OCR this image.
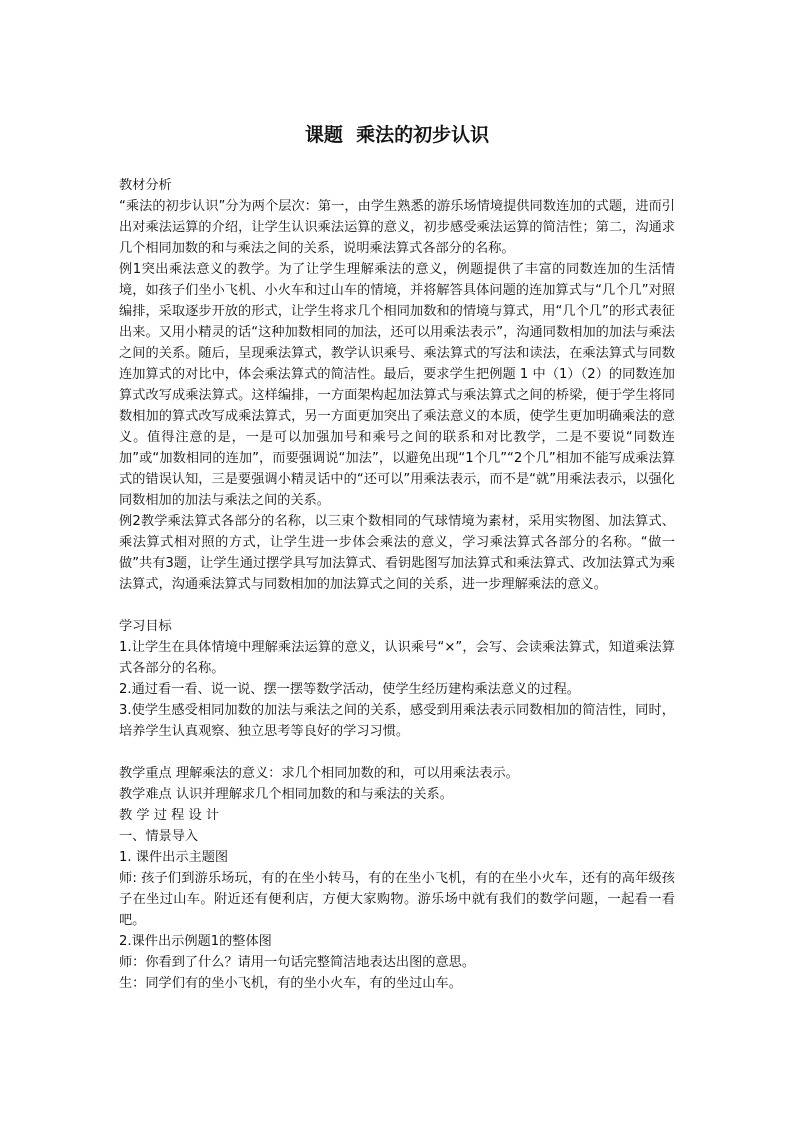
课题  乘法的初步认识

教材分析

“乘法的初步认识”分为两个层次：第一，由学生熟悉的游乐场情境提供同数连加的式题，进而引出对乘法运算的介绍，让学生认识乘法运算的意义，初步感受乘法运算的简洁性；第二，沟通求几个相同加数的和与乘法之间的关系，说明乘法算式各部分的名称。

例1突出乘法意义的教学。为了让学生理解乘法的意义，例题提供了丰富的同数连加的生活情境，如孩子们坐小飞机、小火车和过山车的情境，并将解答具体问题的连加算式与“几个几”对照编排，采取逐步开放的形式，让学生将求几个相同加数和的情境与算式，用“几个几”的形式表征出来。又用小精灵的话“这种加数相同的加法，还可以用乘法表示”，沟通同数相加的加法与乘法之间的关系。随后，呈现乘法算式，教学认识乘号、乘法算式的写法和读法，在乘法算式与同数连加算式的对比中，体会乘法算式的简洁性。最后，要求学生把例题 1 中（1）（2）的同数连加算式改写成乘法算式。这样编排，一方面架构起加法算式与乘法算式之间的桥梁，便于学生将同数相加的算式改写成乘法算式，另一方面更加突出了乘法意义的本质，使学生更加明确乘法的意义。值得注意的是，一是可以加强加号和乘号之间的联系和对比教学，二是不要说“同数连加”或“加数相同的连加”，而要强调说“加法”，以避免出现“1个几”“2个几”相加不能写成乘法算式的错误认知，三是要强调小精灵话中的“还可以”用乘法表示，而不是“就”用乘法表示，以强化同数相加的加法与乘法之间的关系。

例2教学乘法算式各部分的名称，以三束个数相同的气球情境为素材，采用实物图、加法算式、乘法算式相对照的方式，让学生进一步体会乘法的意义，学习乘法算式各部分的名称。“做一做”共有3题，让学生通过摆学具写加法算式、看钥匙图写加法算式和乘法算式、改加法算式为乘法算式，沟通乘法算式与同数相加的加法算式之间的关系，进一步理解乘法的意义。

学习目标

1.让学生在具体情境中理解乘法运算的意义，认识乘号“×”，会写、会读乘法算式，知道乘法算式各部分的名称。

2.通过看一看、说一说、摆一摆等数学活动，使学生经历建构乘法意义的过程。

3.使学生感受相同加数的加法与乘法之间的关系，感受到用乘法表示同数相加的简洁性，同时，培养学生认真观察、独立思考等良好的学习习惯。

教学重点 理解乘法的意义：求几个相同加数的和，可以用乘法表示。

教学难点 认识并理解求几个相同加数的和与乘法的关系。

教 学 过 程 设 计

一、情景导入

1. 课件出示主题图

师: 孩子们到游乐场玩，有的在坐小转马，有的在坐小飞机，有的在坐小火车，还有的高年级孩子在坐过山车。附近还有便利店，方便大家购物。游乐场中就有我们的数学问题，一起看一看吧。

2.课件出示例题1的整体图

师：你看到了什么？请用一句话完整简洁地表达出图的意思。

生：同学们有的坐小飞机，有的坐小火车，有的坐过山车。
